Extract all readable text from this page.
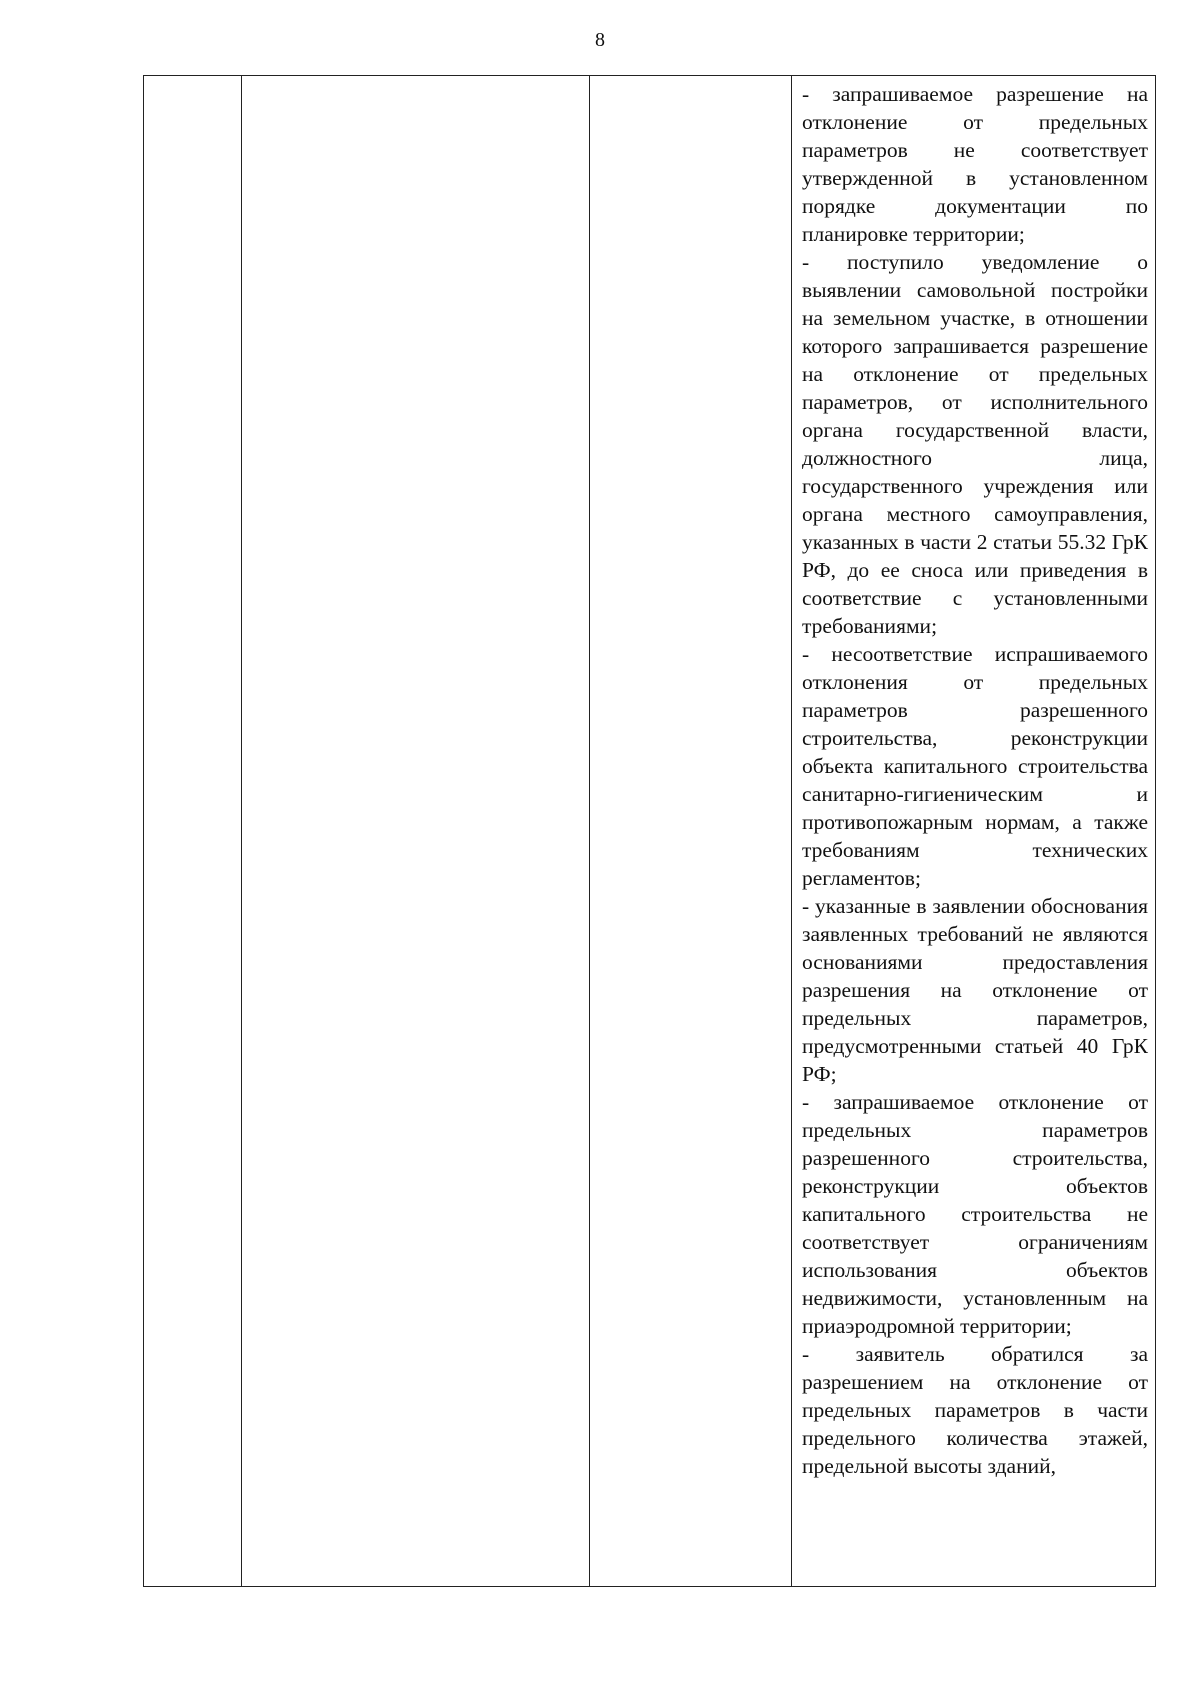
8

- запрашиваемое разрешение на отклонение от предельных параметров не соответствует утвержденной в установленном порядке документации по планировке территории;

- поступило уведомление о выявлении самовольной постройки на земельном участке, в отношении которого запрашивается разрешение на отклонение от предельных параметров, от исполнительного органа государственной власти, должностного лица, государственного учреждения или органа местного самоуправления, указанных в части 2 статьи 55.32 ГрК РФ, до ее сноса или приведения в соответствие с установленными требованиями;

- несоответствие испрашиваемого отклонения от предельных параметров разрешенного строительства, реконструкции объекта капитального строительства санитарно-гигиеническим и противопожарным нормам, а также требованиям технических регламентов;

- указанные в заявлении обоснования заявленных требований не являются основаниями предоставления разрешения на отклонение от предельных параметров, предусмотренными статьей 40 ГрК РФ;

- запрашиваемое отклонение от предельных параметров разрешенного строительства, реконструкции объектов капитального строительства не соответствует ограничениям использования объектов недвижимости, установленным на приаэродромной территории;

- заявитель обратился за разрешением на отклонение от предельных параметров в части предельного количества этажей, предельной высоты зданий,
